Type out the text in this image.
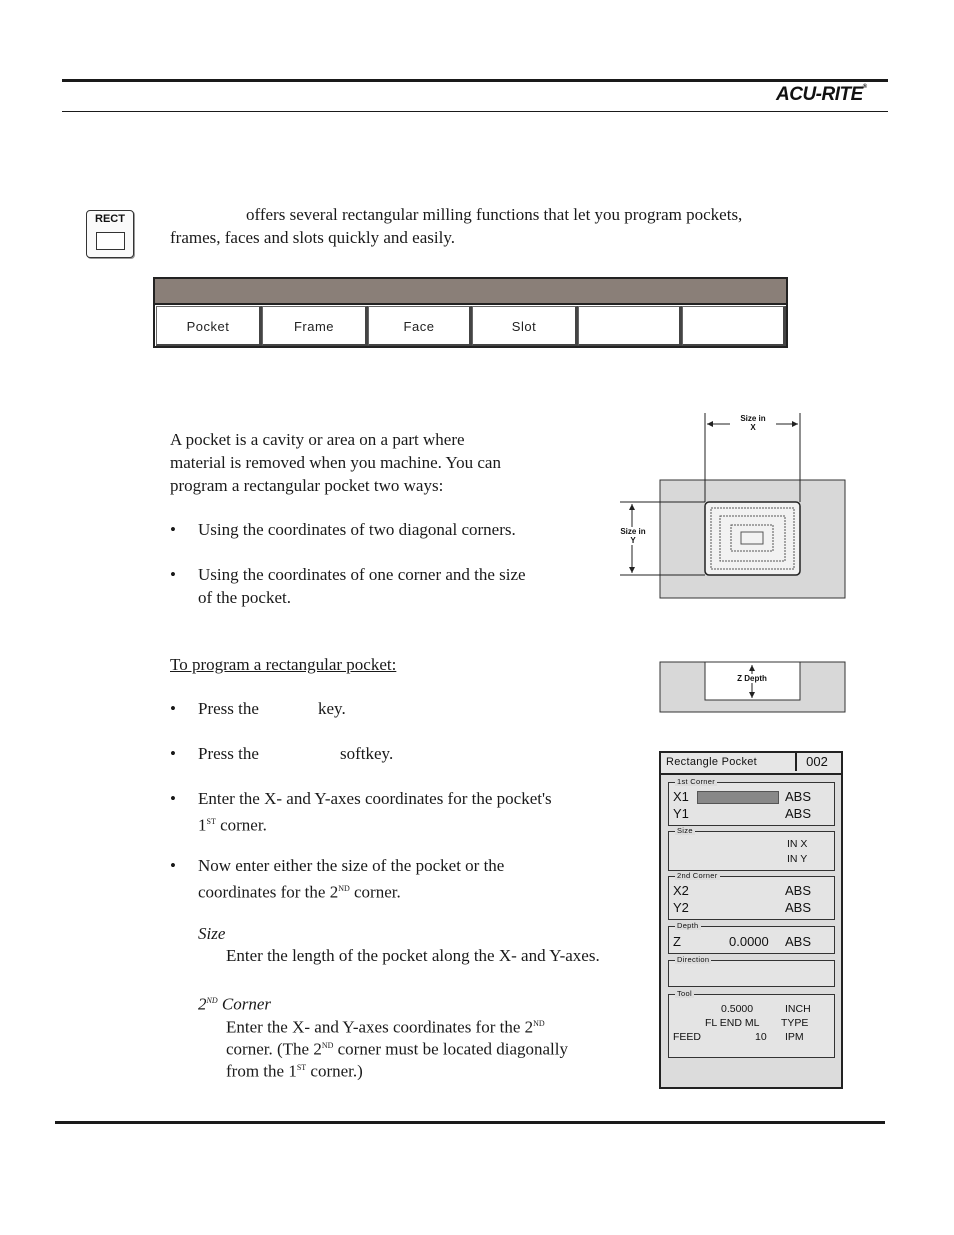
ACU-RITE®
RECT	offers several rectangular milling functions that let you program pockets,
frames, faces and slots quickly and easily.
Pocket	Frame	Face	Slot
A pocket is a cavity or area on a part where
material is removed when you machine. You can
program a rectangular pocket two ways:
• Using the coordinates of two diagonal corners.
• Using the coordinates of one corner and the size
of the pocket.
To program a rectangular pocket:
• Press the	key.
• Press the	softkey.
• Enter the X- and Y-axes coordinates for the pocket's
1ST corner.
• Now enter either the size of the pocket or the
coordinates for the 2ND corner.
Size
Enter the length of the pocket along the X- and Y-axes.
2ND Corner
Enter the X- and Y-axes coordinates for the 2ND
corner. (The 2ND corner must be located diagonally
from the 1ST corner.)
Size in
X
Size in
Y
Z Depth
Rectangle Pocket	002
1st Corner
X1	ABS
Y1	ABS
Size
IN X
IN Y
2nd Corner
X2	ABS
Y2	ABS
Depth
Z	0.0000 ABS
Direction
Tool
0.5000	INCH
FL END ML TYPE
FEED	10 IPM
